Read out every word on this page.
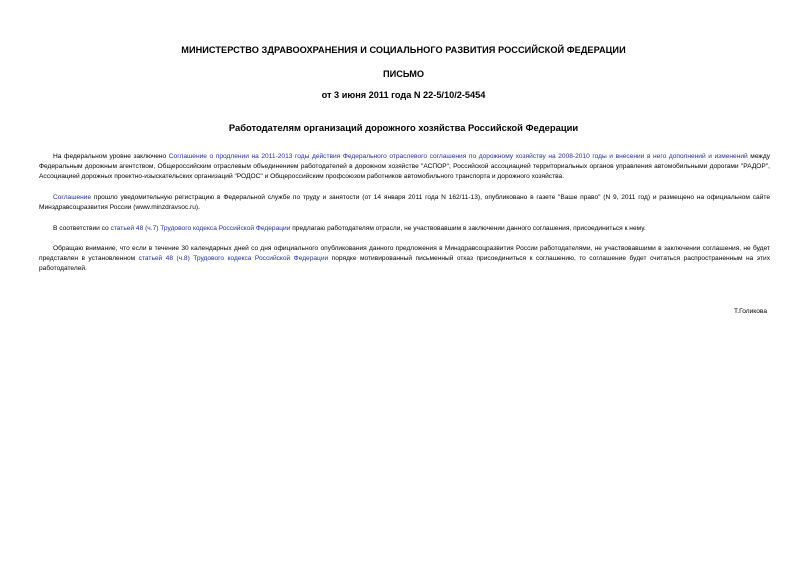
МИНИСТЕРСТВО ЗДРАВООХРАНЕНИЯ И СОЦИАЛЬНОГО РАЗВИТИЯ РОССИЙСКОЙ ФЕДЕРАЦИИ
ПИСЬМО
от 3 июня 2011 года N 22-5/10/2-5454
Работодателям организаций дорожного хозяйства Российской Федерации

На федеральном уровне заключено Соглашение о продлении на 2011-2013 годы действия Федерального отраслевого соглашения по дорожному хозяйству на 2008-2010 годы и внесении в него дополнений и изменений между Федеральным дорожным агентством, Общероссийским отраслевым объединением работодателей в дорожном хозяйстве "АСПОР", Российской ассоциацией территориальных органов управления автомобильными дорогами "РАДОР", Ассоциацией дорожных проектно-изыскательских организаций "РОДОС" и Общероссийским профсоюзом работников автомобильного транспорта и дорожного хозяйства.

Соглашение прошло уведомительную регистрацию в Федеральной службе по труду и занятости (от 14 января 2011 года N 162/11-13), опубликовано в газете "Ваше право" (N 9, 2011 год) и размещено на официальном сайте Минздравсоцразвития России (www.minzdravsoc.ru).

В соответствии со статьей 48 (ч.7) Трудового кодекса Российской Федерации предлагаю работодателям отрасли, не участвовавшим в заключении данного соглашения, присоединиться к нему.

Обращаю внимание, что если в течение 30 календарных дней со дня официального опубликования данного предложения в Минздравсоцразвития России работодателями, не участвовавшими в заключении соглашения, не будет представлен в установленном статьей 48 (ч.8) Трудового кодекса Российской Федерации порядке мотивированный письменный отказ присоединиться к соглашению, то соглашение будет считаться распространенным на этих работодателей.

Т.Голикова
